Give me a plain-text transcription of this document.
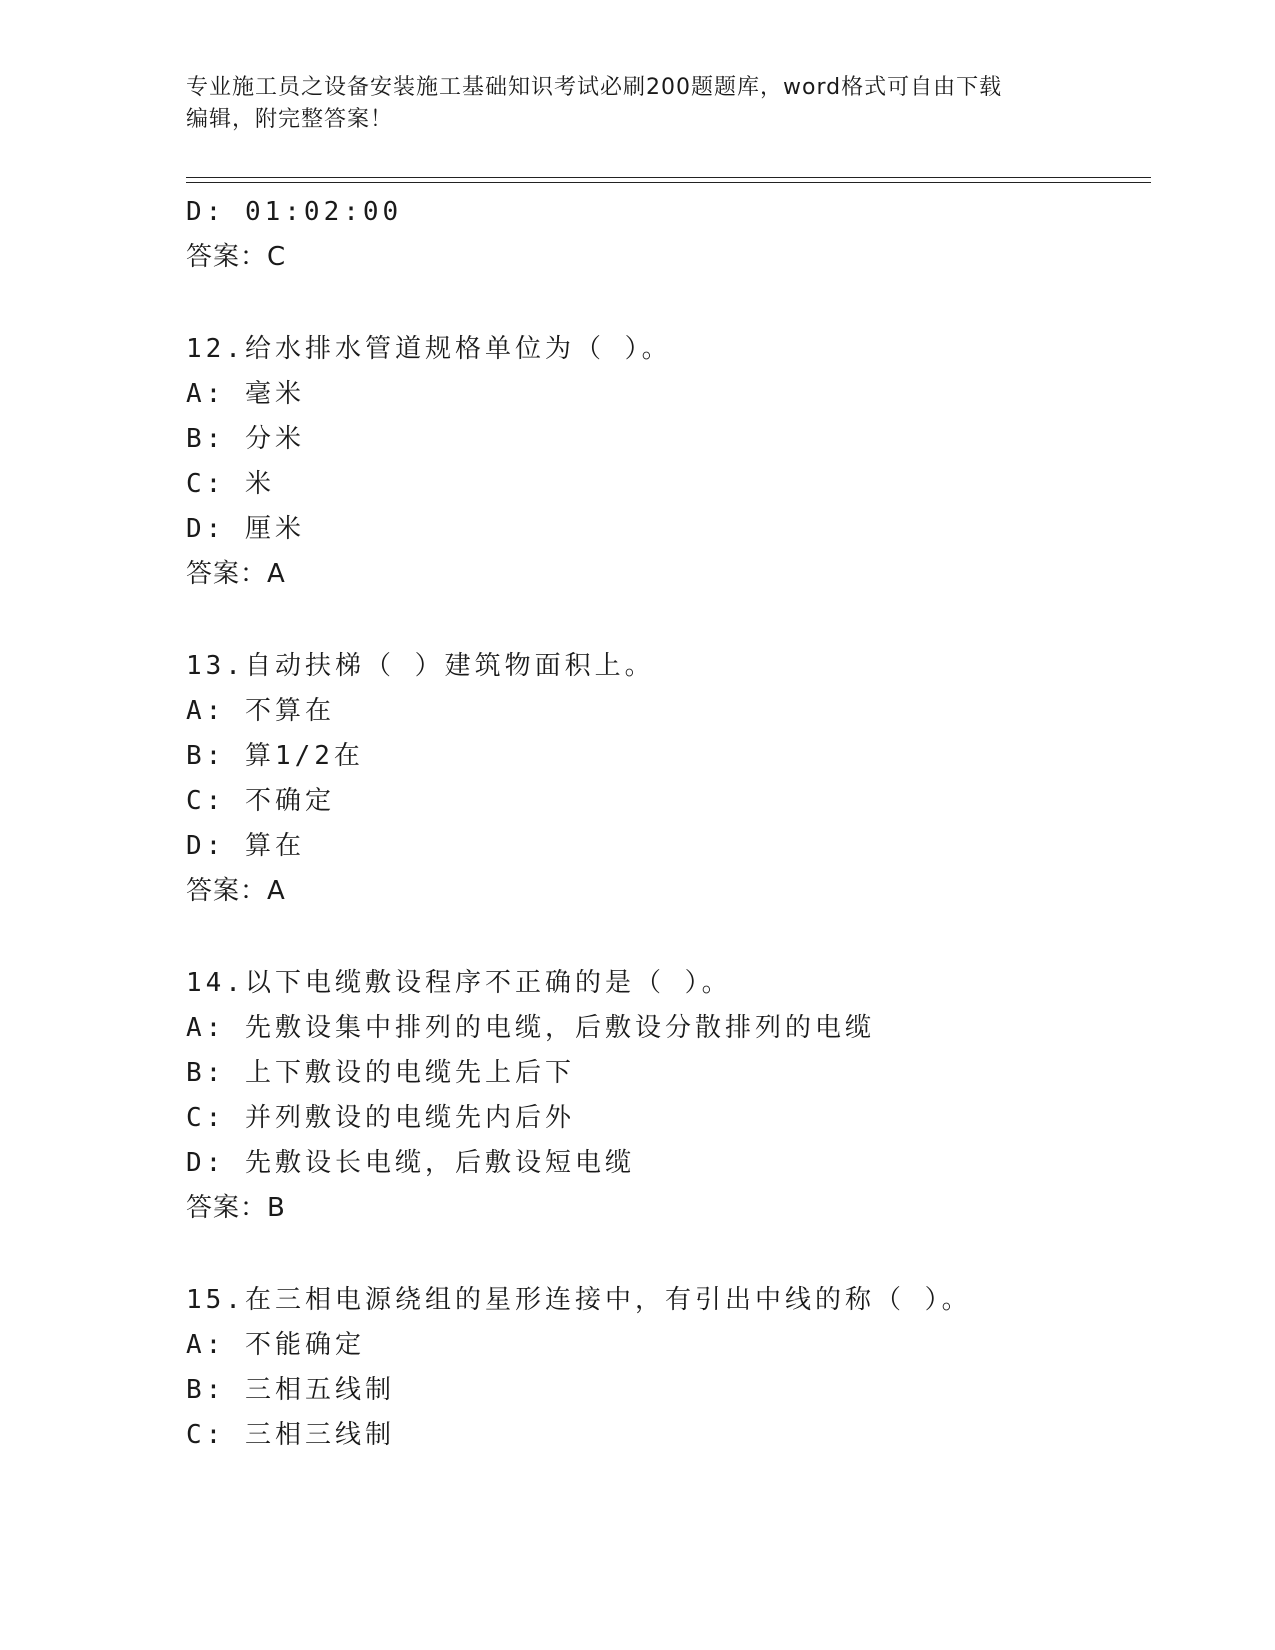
专业施工员之设备安装施工基础知识考试必刷200题题库，word格式可自由下载
编辑，附完整答案！
D: 01:02:00
答案：C
12.给水排水管道规格单位为（ ）。
A: 毫米
B: 分米
C: 米
D: 厘米
答案：A
13.自动扶梯（ ）建筑物面积上。
A: 不算在
B: 算1/2在
C: 不确定
D: 算在
答案：A
14.以下电缆敷设程序不正确的是（ ）。
A: 先敷设集中排列的电缆，后敷设分散排列的电缆
B: 上下敷设的电缆先上后下
C: 并列敷设的电缆先内后外
D: 先敷设长电缆，后敷设短电缆
答案：B
15.在三相电源绕组的星形连接中，有引出中线的称（ ）。
A: 不能确定
B: 三相五线制
C: 三相三线制
